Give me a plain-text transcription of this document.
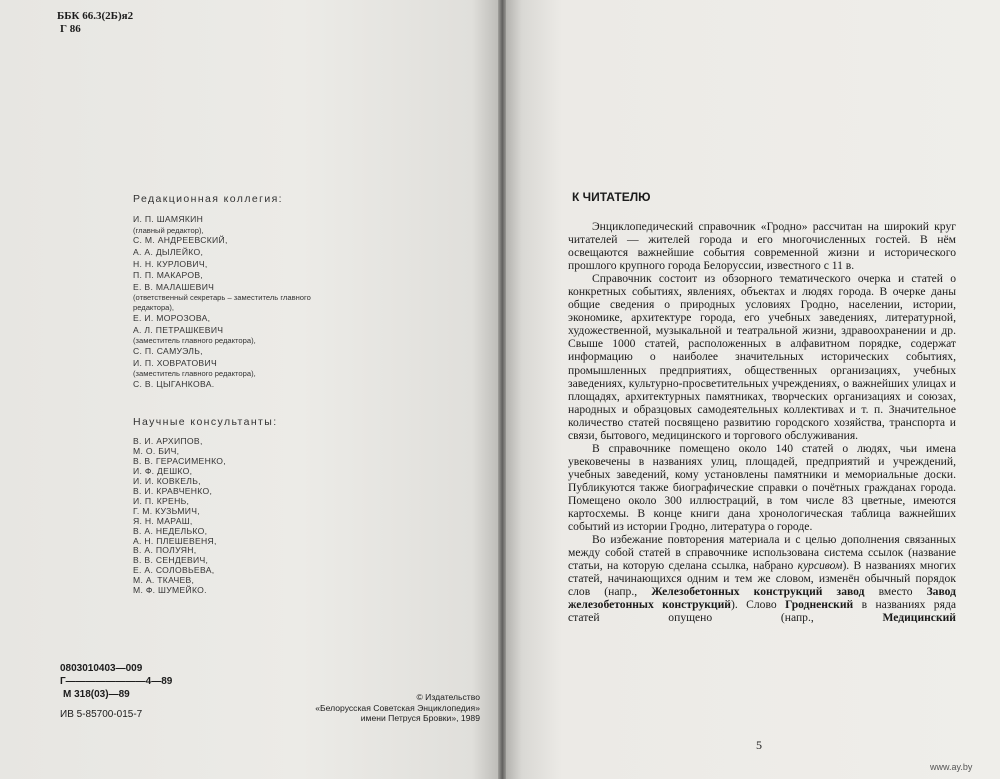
ББК 66.3(2Б)я2
Г 86
Редакционная коллегия:
И. П. ШАМЯКИН
(главный редактор),
С. М. АНДРЕЕВСКИЙ,
А. А. ДЫЛЕЙКО,
Н. Н. КУРЛОВИЧ,
П. П. МАКАРОВ,
Е. В. МАЛАШЕВИЧ
(ответственный секретарь – заместитель главного редактора),
Е. И. МОРОЗОВА,
А. Л. ПЕТРАШКЕВИЧ
(заместитель главного редактора),
С. П. САМУЭЛЬ,
И. П. ХОВРАТОВИЧ
(заместитель главного редактора),
С. В. ЦЫГАНКОВА.
Научные консультанты:
В. И. АРХИПОВ,
М. О. БИЧ,
В. В. ГЕРАСИМЕНКО,
И. Ф. ДЕШКО,
И. И. КОВКЕЛЬ,
В. И. КРАВЧЕНКО,
И. П. КРЕНЬ,
Г. М. КУЗЬМИЧ,
Я. Н. МАРАШ,
В. А. НЕДЕЛЬКО,
А. Н. ПЛЕШЕВЕНЯ,
В. А. ПОЛУЯН,
В. В. СЕНДЕВИЧ,
Е. А. СОЛОВЬЕВА,
М. А. ТКАЧЕВ,
М. Ф. ШУМЕЙКО.
0803010403—009
Г————————4—89
М 318(03)—89
ИВ 5-85700-015-7
© Издательство
«Белорусская Советская Энциклопедия»
имени Петруся Бровки», 1989
К ЧИТАТЕЛЮ

Энциклопедический справочник «Гродно» рассчитан на широкий круг читателей — жителей города и его многочисленных гостей. В нём освещаются важнейшие события современной жизни и исторического прошлого крупного города Белоруссии, известного с 11 в.

Справочник состоит из обзорного тематического очерка и статей о конкретных событиях, явлениях, объектах и людях города. В очерке даны общие сведения о природных условиях Гродно, населении, истории, экономике, архитектуре города, его учебных заведениях, литературной, художественной, музыкальной и театральной жизни, здравоохранении и др. Свыше 1000 статей, расположенных в алфавитном порядке, содержат информацию о наиболее значительных исторических событиях, промышленных предприятиях, общественных организациях, учебных заведениях, культурно-просветительных учреждениях, о важнейших улицах и площадях, архитектурных памятниках, творческих организациях и союзах, народных и образцовых самодеятельных коллективах и т. п. Значительное количество статей посвящено развитию городского хозяйства, транспорта и связи, бытового, медицинского и торгового обслуживания.

В справочнике помещено около 140 статей о людях, чьи имена увековечены в названиях улиц, площадей, предприятий и учреждений, учебных заведений, кому установлены памятники и мемориальные доски. Публикуются также биографические справки о почётных гражданах города. Помещено около 300 иллюстраций, в том числе 83 цветные, имеются картосхемы. В конце книги дана хронологическая таблица важнейших событий из истории Гродно, литература о городе.

Во избежание повторения материала и с целью дополнения связанных между собой статей в справочнике использована система ссылок (название статьи, на которую сделана ссылка, набрано курсивом). В названиях многих статей, начинающихся одним и тем же словом, изменён обычный порядок слов (напр., Железобетонных конструкций завод вместо Завод железобетонных конструкций). Слово Гродненский в названиях ряда статей опущено (напр., Медицинский

5
www.ay.by
